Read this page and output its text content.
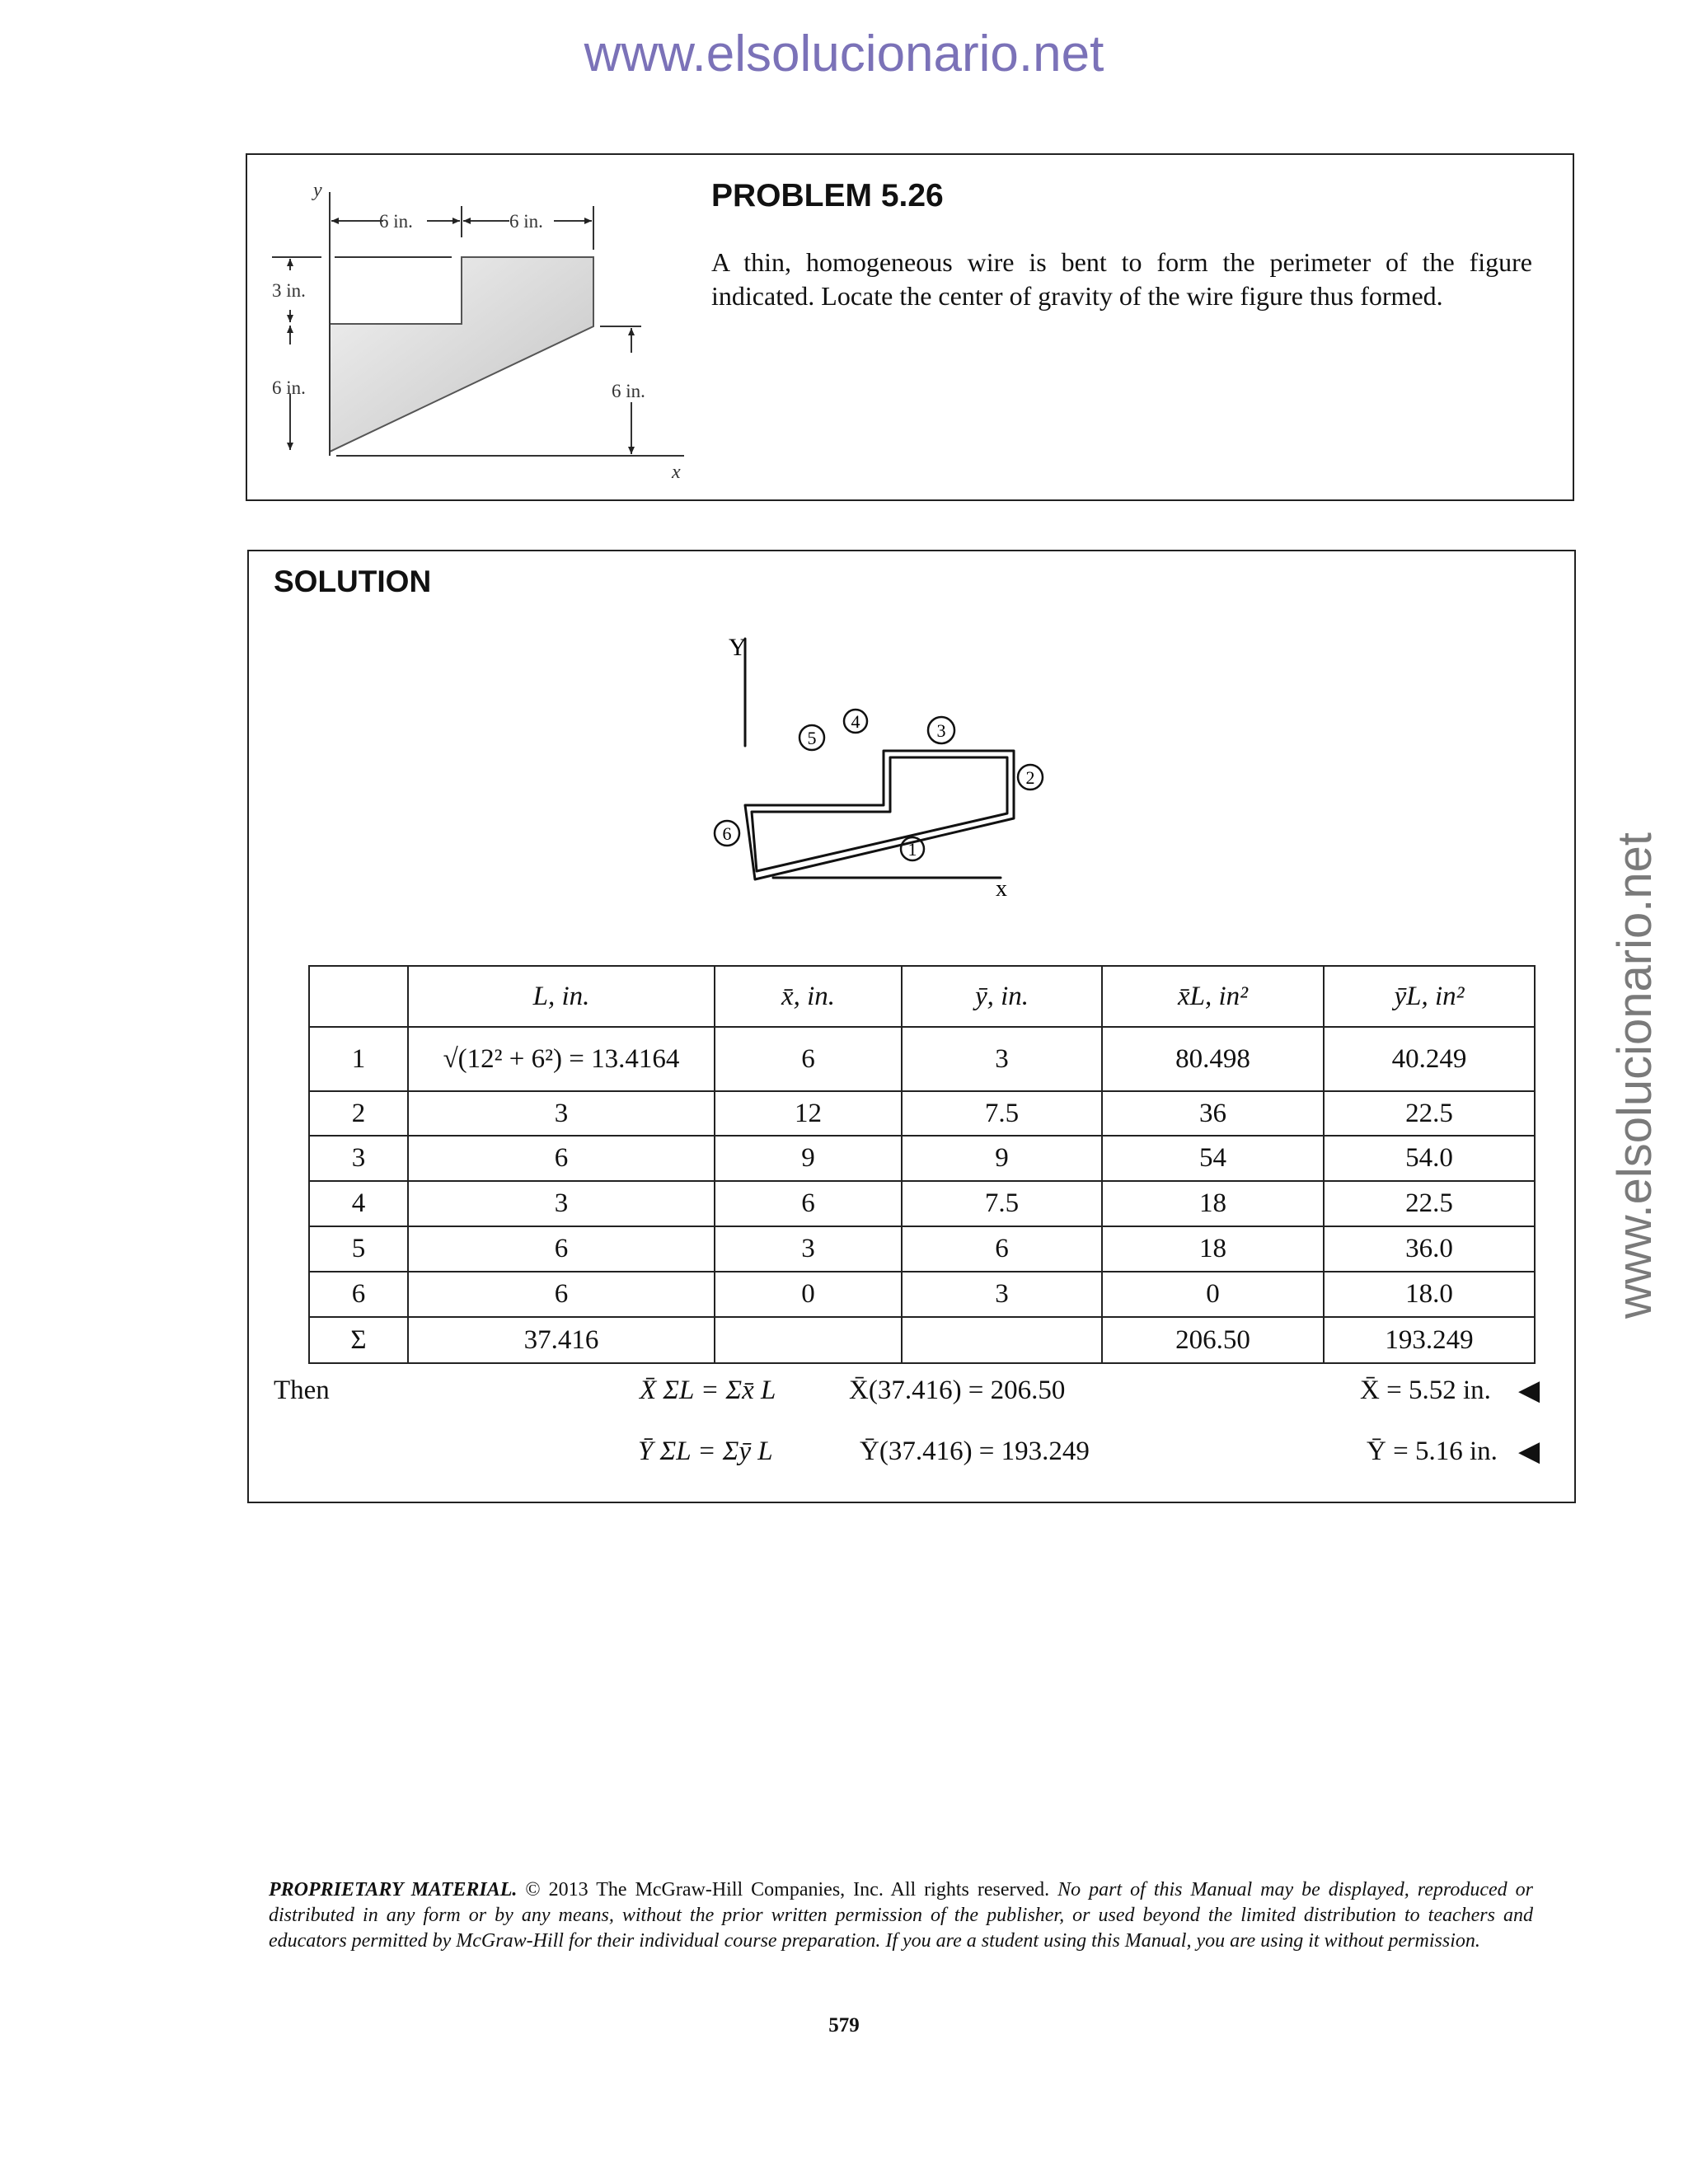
www.elsolucionario.net
www.elsolucionario.net
y
x
6 in.	6 in.
3 in.
6 in.	6 in.
PROBLEM 5.26
A thin, homogeneous wire is bent to form the perimeter of the figure indicated. Locate the center of gravity of the wire figure thus formed.
SOLUTION
Y
x
1
2
3
4
5
6
	L, in.	x̄, in.	ȳ, in.	x̄L, in²	ȳL, in²
1	√(12² + 6²) = 13.4164	6	3	80.498	40.249
2	3	12	7.5	36	22.5
3	6	9	9	54	54.0
4	3	6	7.5	18	22.5
5	6	3	6	18	36.0
6	6	0	3	0	18.0
Σ	37.416			206.50	193.249
Then	X̄ ΣL = Σx̄ L	X̄(37.416) = 206.50	X̄ = 5.52 in. ◀
Ȳ ΣL = Σȳ L	Ȳ(37.416) = 193.249	Ȳ = 5.16 in. ◀
PROPRIETARY MATERIAL. © 2013 The McGraw-Hill Companies, Inc. All rights reserved. No part of this Manual may be displayed, reproduced or distributed in any form or by any means, without the prior written permission of the publisher, or used beyond the limited distribution to teachers and educators permitted by McGraw-Hill for their individual course preparation. If you are a student using this Manual, you are using it without permission.
579
